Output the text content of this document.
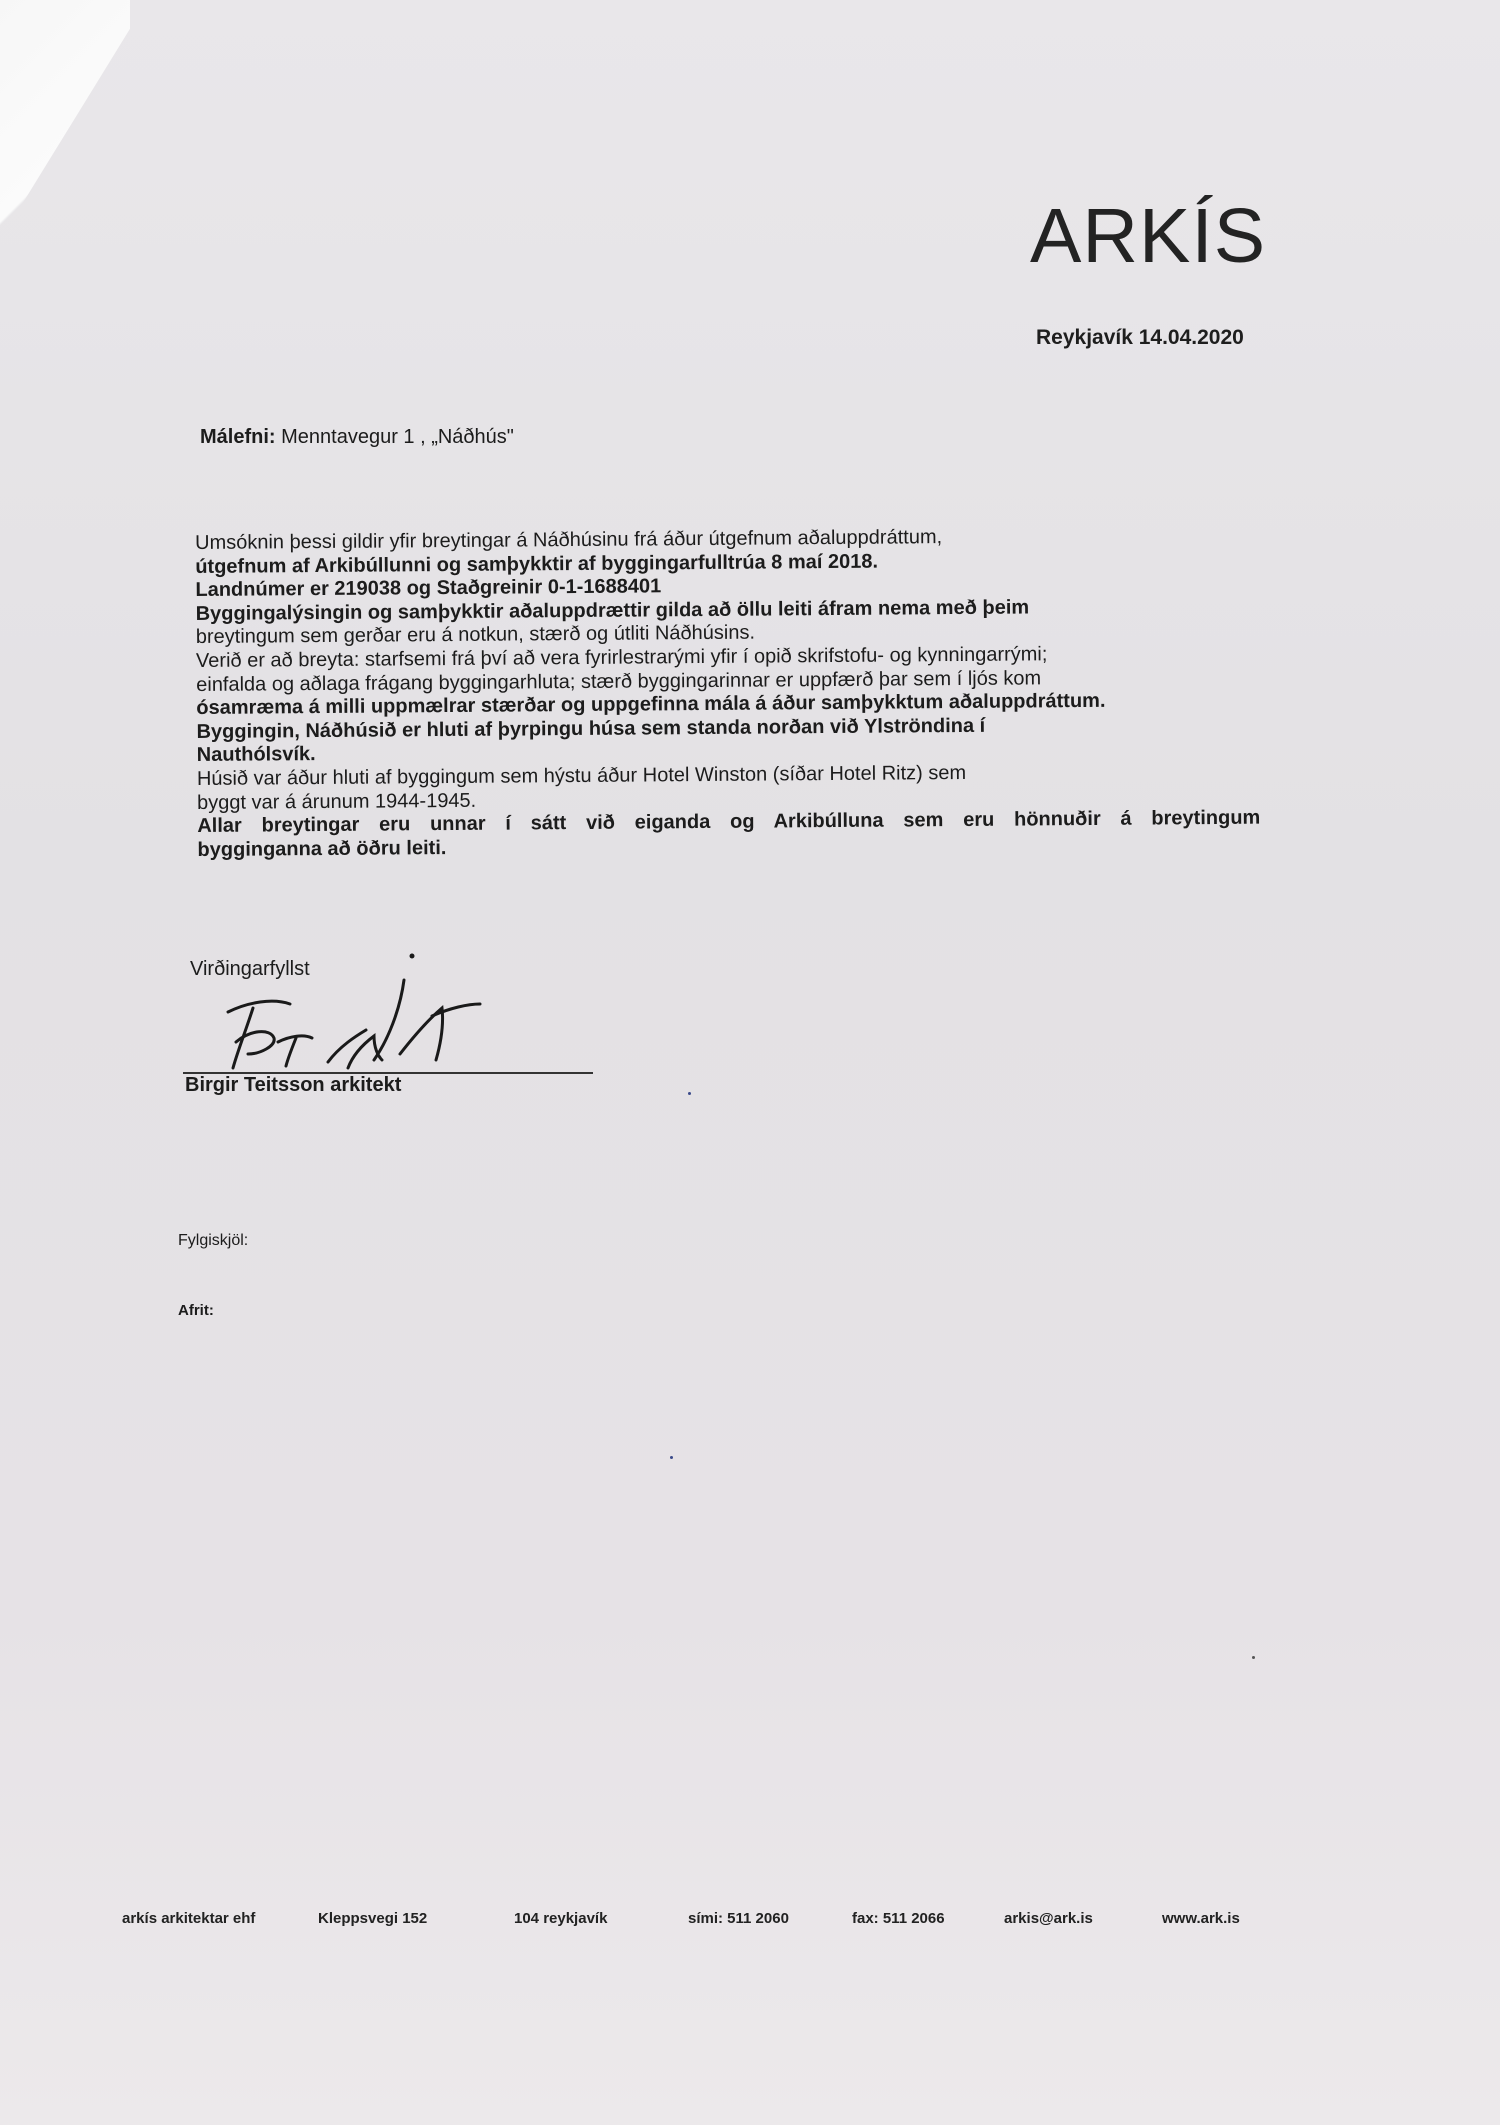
ARKÍS
Reykjavík 14.04.2020
Málefni: Menntavegur 1 , „Náðhús"
Umsóknin þessi gildir yfir breytingar á Náðhúsinu frá áður útgefnum aðaluppdráttum,
útgefnum af Arkibúllunni og samþykktir af byggingarfulltrúa 8 maí 2018.
Landnúmer er 219038 og Staðgreinir 0-1-1688401
Byggingalýsingin og samþykktir aðaluppdrættir gilda að öllu leiti áfram nema með þeim
breytingum sem gerðar eru á notkun, stærð og útliti Náðhúsins.
Verið er að breyta: starfsemi frá því að vera fyrirlestrarými yfir í opið skrifstofu- og kynningarrými;
einfalda og aðlaga frágang byggingarhluta; stærð byggingarinnar er uppfærð þar sem í ljós kom
ósamræma á milli uppmælrar stærðar og uppgefinna mála á áður samþykktum aðaluppdráttum.
Byggingin, Náðhúsið er hluti af þyrpingu húsa sem standa norðan við Ylströndina í
Nauthólsvík.
Húsið var áður hluti af byggingum sem hýstu áður Hotel Winston (síðar Hotel Ritz) sem
byggt var á árunum 1944-1945.
Allar breytingar eru unnar í sátt við eiganda og Arkibúlluna sem eru hönnuðir á breytingum
bygginganna að öðru leiti.
Virðingarfyllst
Birgir Teitsson arkitekt
Fylgiskjöl:
Afrit:
arkís arkitektar ehf	Kleppsvegi 152	104 reykjavík	sími: 511 2060	fax: 511 2066	arkis@ark.is	www.ark.is
